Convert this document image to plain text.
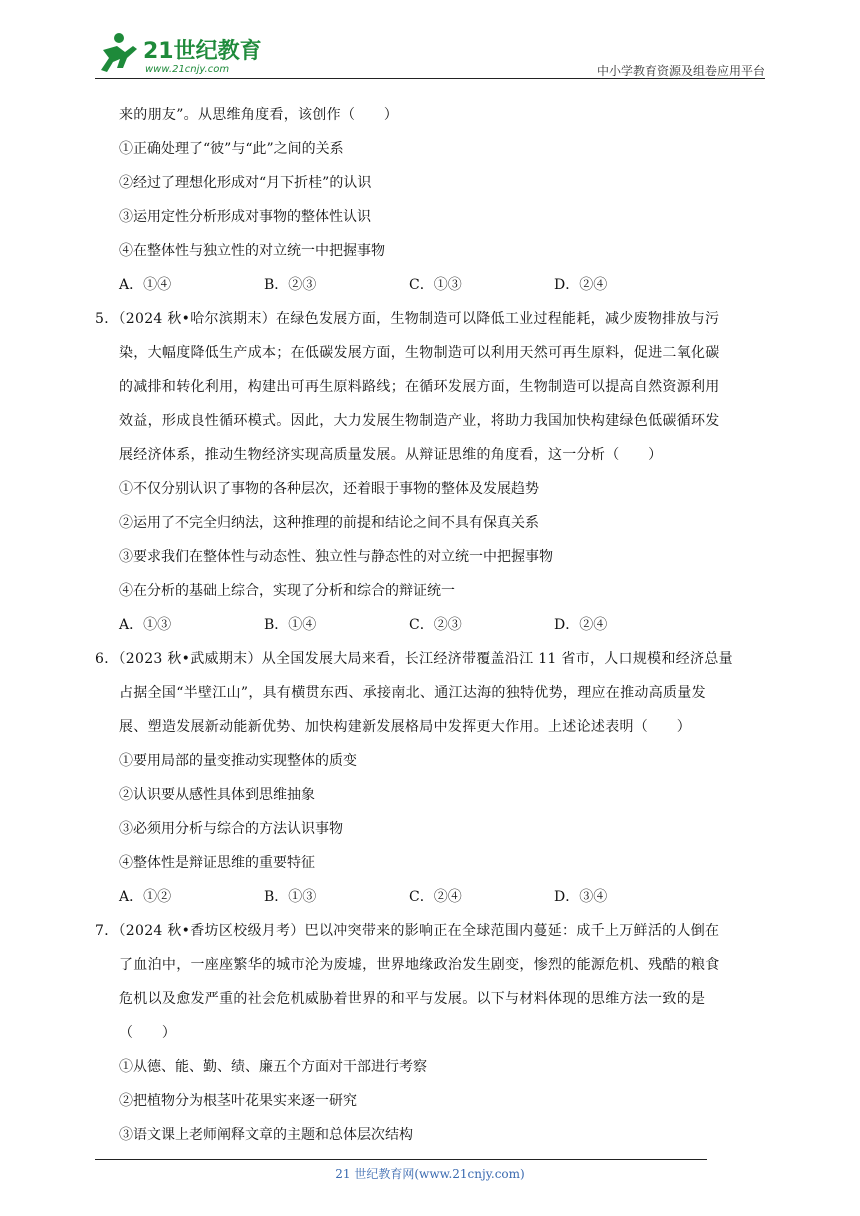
21世纪教育
www.21cnjy.com	中小学教育资源及组卷应用平台

来的朋友”。从思维角度看，该创作（　　）

①正确处理了“彼”与“此”之间的关系
②经过了理想化形成对“月下折桂”的认识
③运用定性分析形成对事物的整体性认识
④在整体性与独立性的对立统一中把握事物
A．①④	B．②③	C．①③	D．②④
5．（2024 秋•哈尔滨期末）在绿色发展方面，生物制造可以降低工业过程能耗，减少废物排放与污
染，大幅度降低生产成本；在低碳发展方面，生物制造可以利用天然可再生原料，促进二氧化碳
的减排和转化利用，构建出可再生原料路线；在循环发展方面，生物制造可以提高自然资源利用
效益，形成良性循环模式。因此，大力发展生物制造产业，将助力我国加快构建绿色低碳循环发
展经济体系，推动生物经济实现高质量发展。从辩证思维的角度看，这一分析（　　）
①不仅分别认识了事物的各种层次，还着眼于事物的整体及发展趋势
②运用了不完全归纳法，这种推理的前提和结论之间不具有保真关系
③要求我们在整体性与动态性、独立性与静态性的对立统一中把握事物
④在分析的基础上综合，实现了分析和综合的辩证统一
A．①③	B．①④	C．②③	D．②④
6．（2023 秋•武威期末）从全国发展大局来看，长江经济带覆盖沿江 11 省市，人口规模和经济总量
占据全国“半壁江山”，具有横贯东西、承接南北、通江达海的独特优势，理应在推动高质量发
展、塑造发展新动能新优势、加快构建新发展格局中发挥更大作用。上述论述表明（　　）
①要用局部的量变推动实现整体的质变
②认识要从感性具体到思维抽象
③必须用分析与综合的方法认识事物
④整体性是辩证思维的重要特征
A．①②	B．①③	C．②④	D．③④
7．（2024 秋•香坊区校级月考）巴以冲突带来的影响正在全球范围内蔓延：成千上万鲜活的人倒在
了血泊中，一座座繁华的城市沦为废墟，世界地缘政治发生剧变，惨烈的能源危机、残酷的粮食
危机以及愈发严重的社会危机威胁着世界的和平与发展。以下与材料体现的思维方法一致的是
（　　）
①从德、能、勤、绩、廉五个方面对干部进行考察
②把植物分为根茎叶花果实来逐一研究
③语文课上老师阐释文章的主题和总体层次结构
21 世纪教育网(www.21cnjy.com)
